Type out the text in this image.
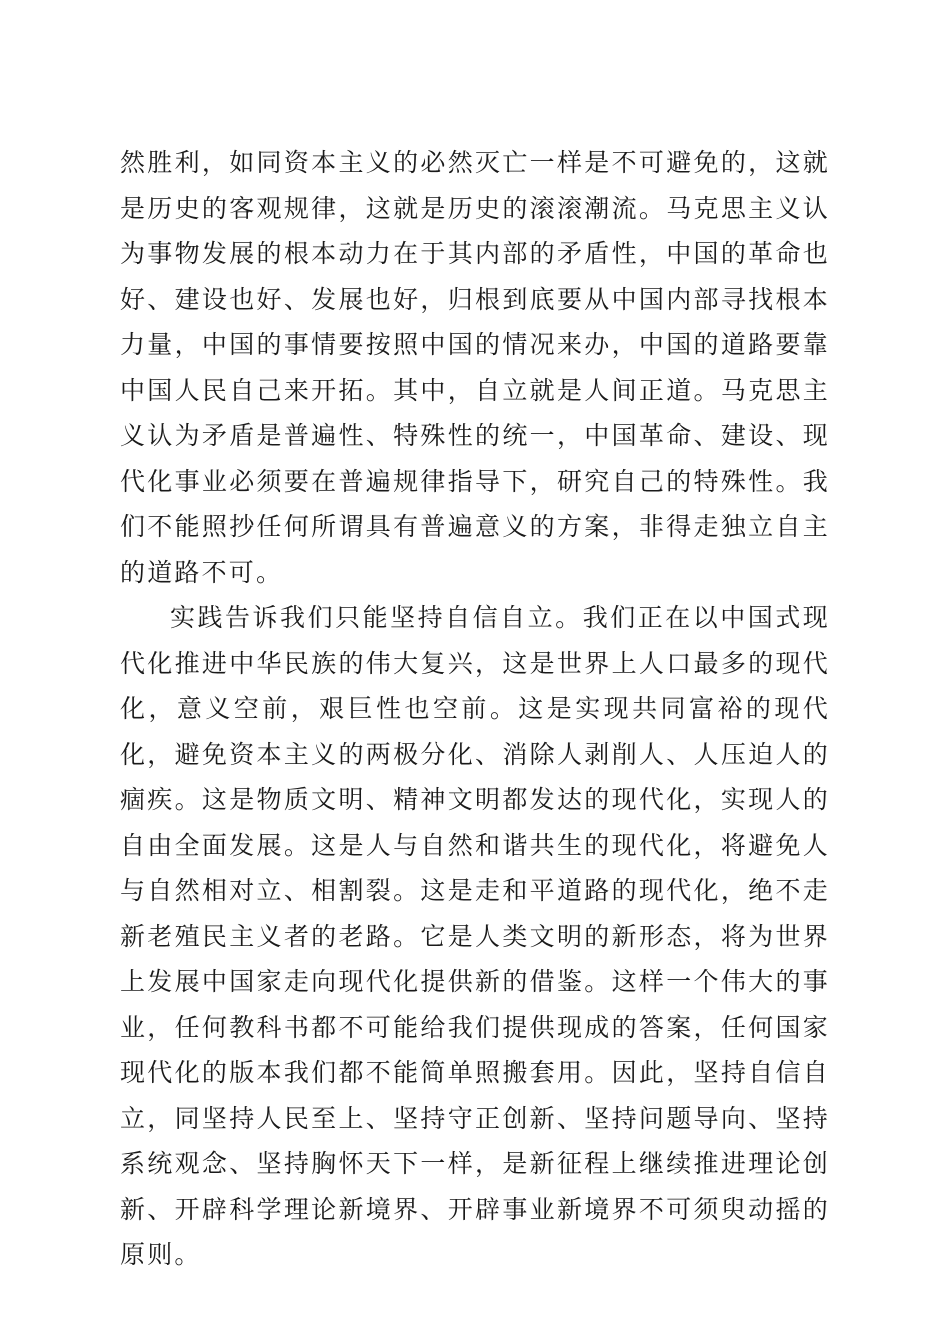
然胜利，如同资本主义的必然灭亡一样是不可避免的，这就是历史的客观规律，这就是历史的滚滚潮流。马克思主义认为事物发展的根本动力在于其内部的矛盾性，中国的革命也好、建设也好、发展也好，归根到底要从中国内部寻找根本力量，中国的事情要按照中国的情况来办，中国的道路要靠中国人民自己来开拓。其中，自立就是人间正道。马克思主义认为矛盾是普遍性、特殊性的统一，中国革命、建设、现代化事业必须要在普遍规律指导下，研究自己的特殊性。我们不能照抄任何所谓具有普遍意义的方案，非得走独立自主的道路不可。

实践告诉我们只能坚持自信自立。我们正在以中国式现代化推进中华民族的伟大复兴，这是世界上人口最多的现代化，意义空前，艰巨性也空前。这是实现共同富裕的现代化，避免资本主义的两极分化、消除人剥削人、人压迫人的痼疾。这是物质文明、精神文明都发达的现代化，实现人的自由全面发展。这是人与自然和谐共生的现代化，将避免人与自然相对立、相割裂。这是走和平道路的现代化，绝不走新老殖民主义者的老路。它是人类文明的新形态，将为世界上发展中国家走向现代化提供新的借鉴。这样一个伟大的事业，任何教科书都不可能给我们提供现成的答案，任何国家现代化的版本我们都不能简单照搬套用。因此，坚持自信自立，同坚持人民至上、坚持守正创新、坚持问题导向、坚持系统观念、坚持胸怀天下一样，是新征程上继续推进理论创新、开辟科学理论新境界、开辟事业新境界不可须臾动摇的原则。
